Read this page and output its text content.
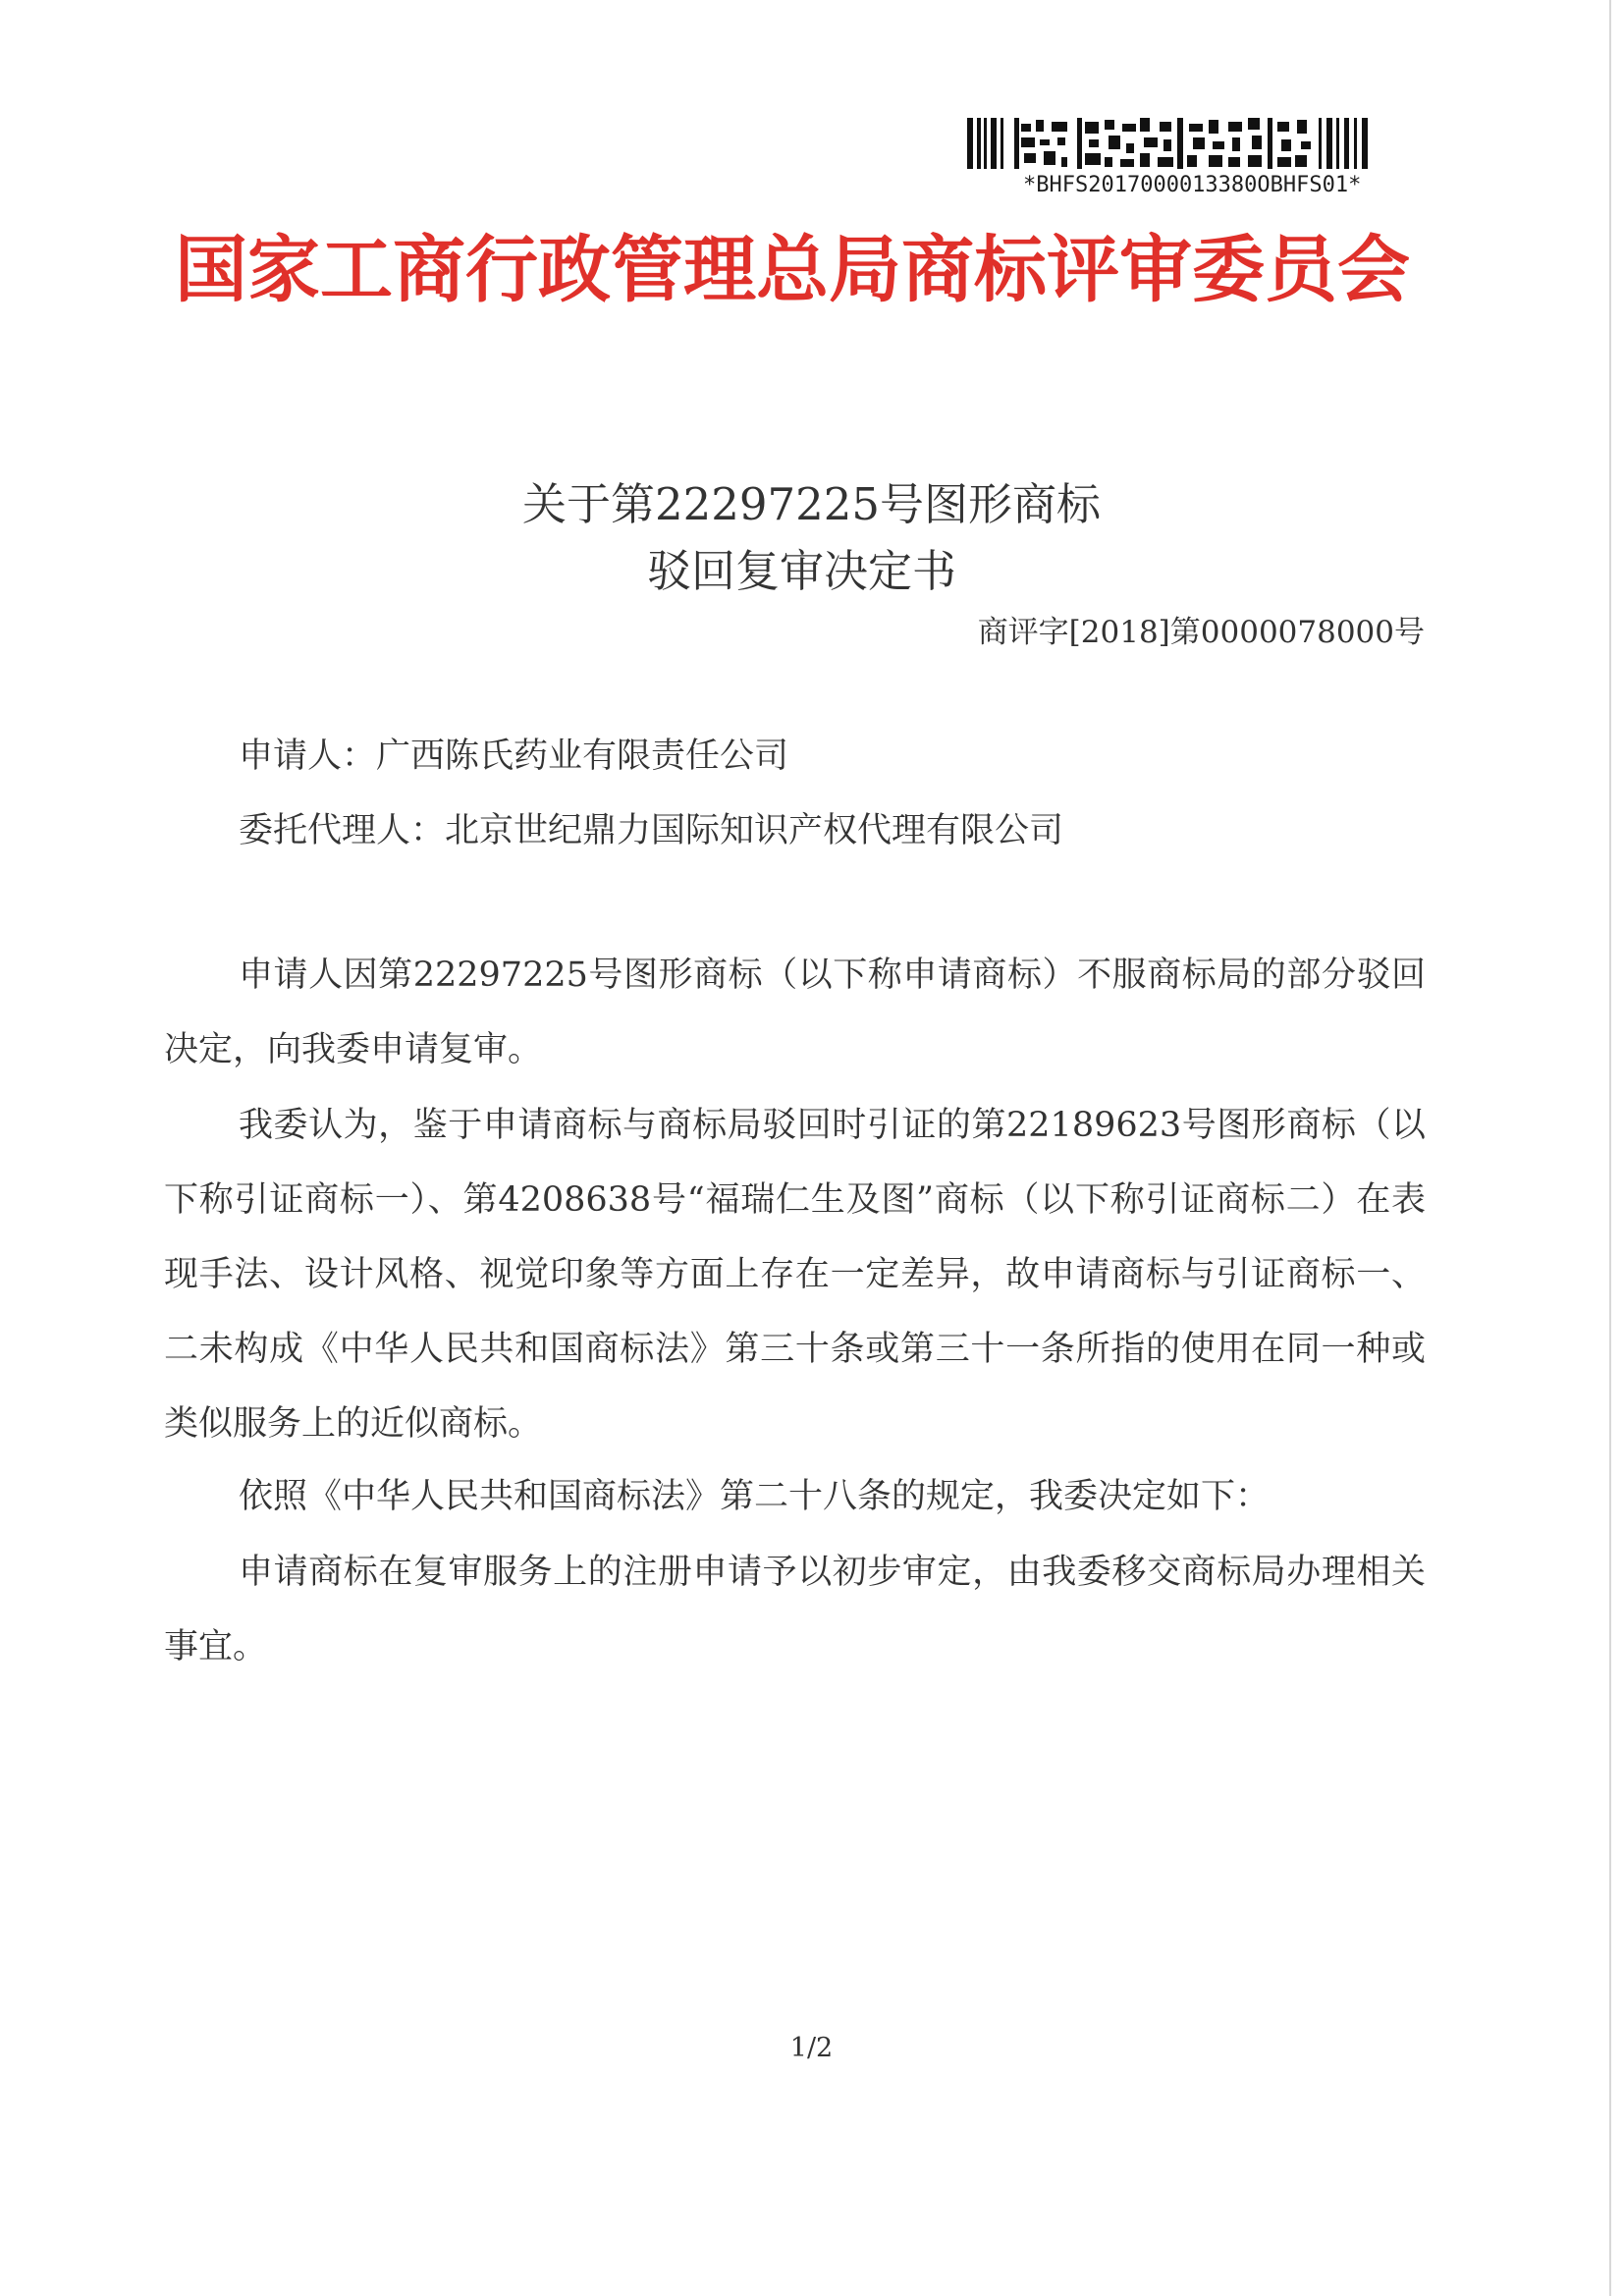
*BHFS2017000013380OBHFS01*
国家工商行政管理总局商标评审委员会
关于第22297225号图形商标
驳回复审决定书
商评字[2018]第0000078000号
申请人：广西陈氏药业有限责任公司
委托代理人：北京世纪鼎力国际知识产权代理有限公司

申请人因第22297225号图形商标（以下称申请商标）不服商标局的部分驳回决定，向我委申请复审。

我委认为，鉴于申请商标与商标局驳回时引证的第22189623号图形商标（以下称引证商标一）、第4208638号“福瑞仁生及图”商标（以下称引证商标二）在表现手法、设计风格、视觉印象等方面上存在一定差异，故申请商标与引证商标一、二未构成《中华人民共和国商标法》第三十条或第三十一条所指的使用在同一种或类似服务上的近似商标。

依照《中华人民共和国商标法》第二十八条的规定，我委决定如下：

申请商标在复审服务上的注册申请予以初步审定，由我委移交商标局办理相关事宜。

1/2
